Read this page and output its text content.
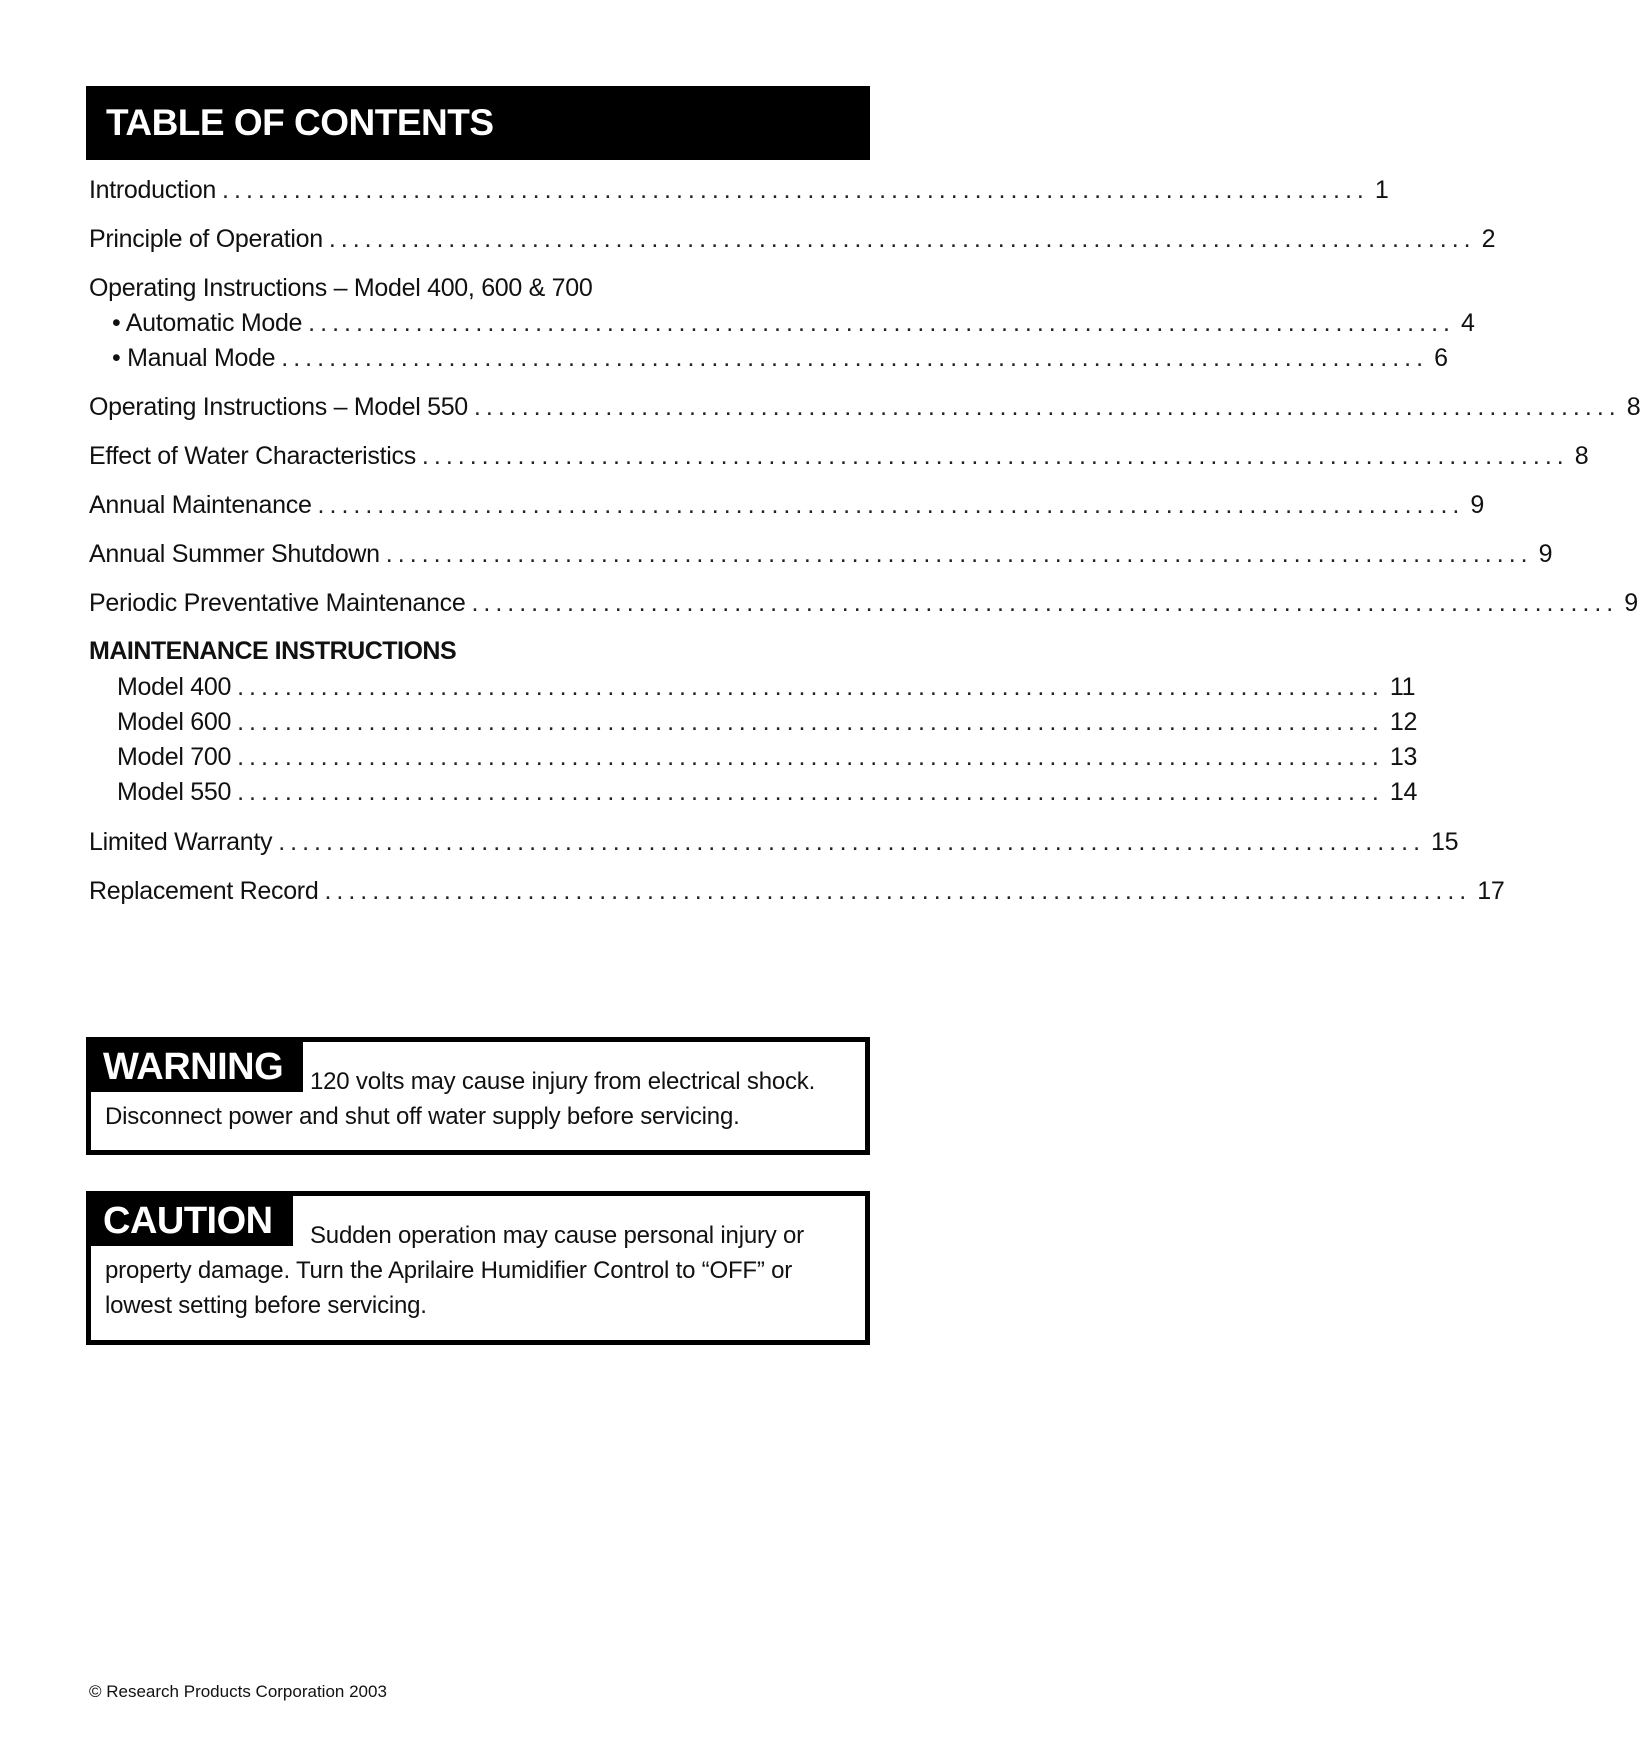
TABLE OF CONTENTS
Introduction ................................................................................................ 1
Principle of Operation ................................................................................................ 2
Operating Instructions – Model 400, 600 & 700
• Automatic Mode ................................................................................................ 4
• Manual Mode ................................................................................................ 6
Operating Instructions – Model 550 ................................................................................................ 8
Effect of Water Characteristics ................................................................................................ 8
Annual Maintenance ................................................................................................ 9
Annual Summer Shutdown ................................................................................................ 9
Periodic Preventative Maintenance ................................................................................................ 9
MAINTENANCE INSTRUCTIONS
Model 400 ................................................................................................ 11
Model 600 ................................................................................................ 12
Model 700 ................................................................................................ 13
Model 550 ................................................................................................ 14
Limited Warranty ................................................................................................ 15
Replacement Record ................................................................................................ 17
WARNING	120 volts may cause injury from electrical shock. Disconnect power and shut off water supply before servicing.
CAUTION	Sudden operation may cause personal injury or property damage. Turn the Aprilaire Humidifier Control to “OFF” or lowest setting before servicing.
© Research Products Corporation 2003
